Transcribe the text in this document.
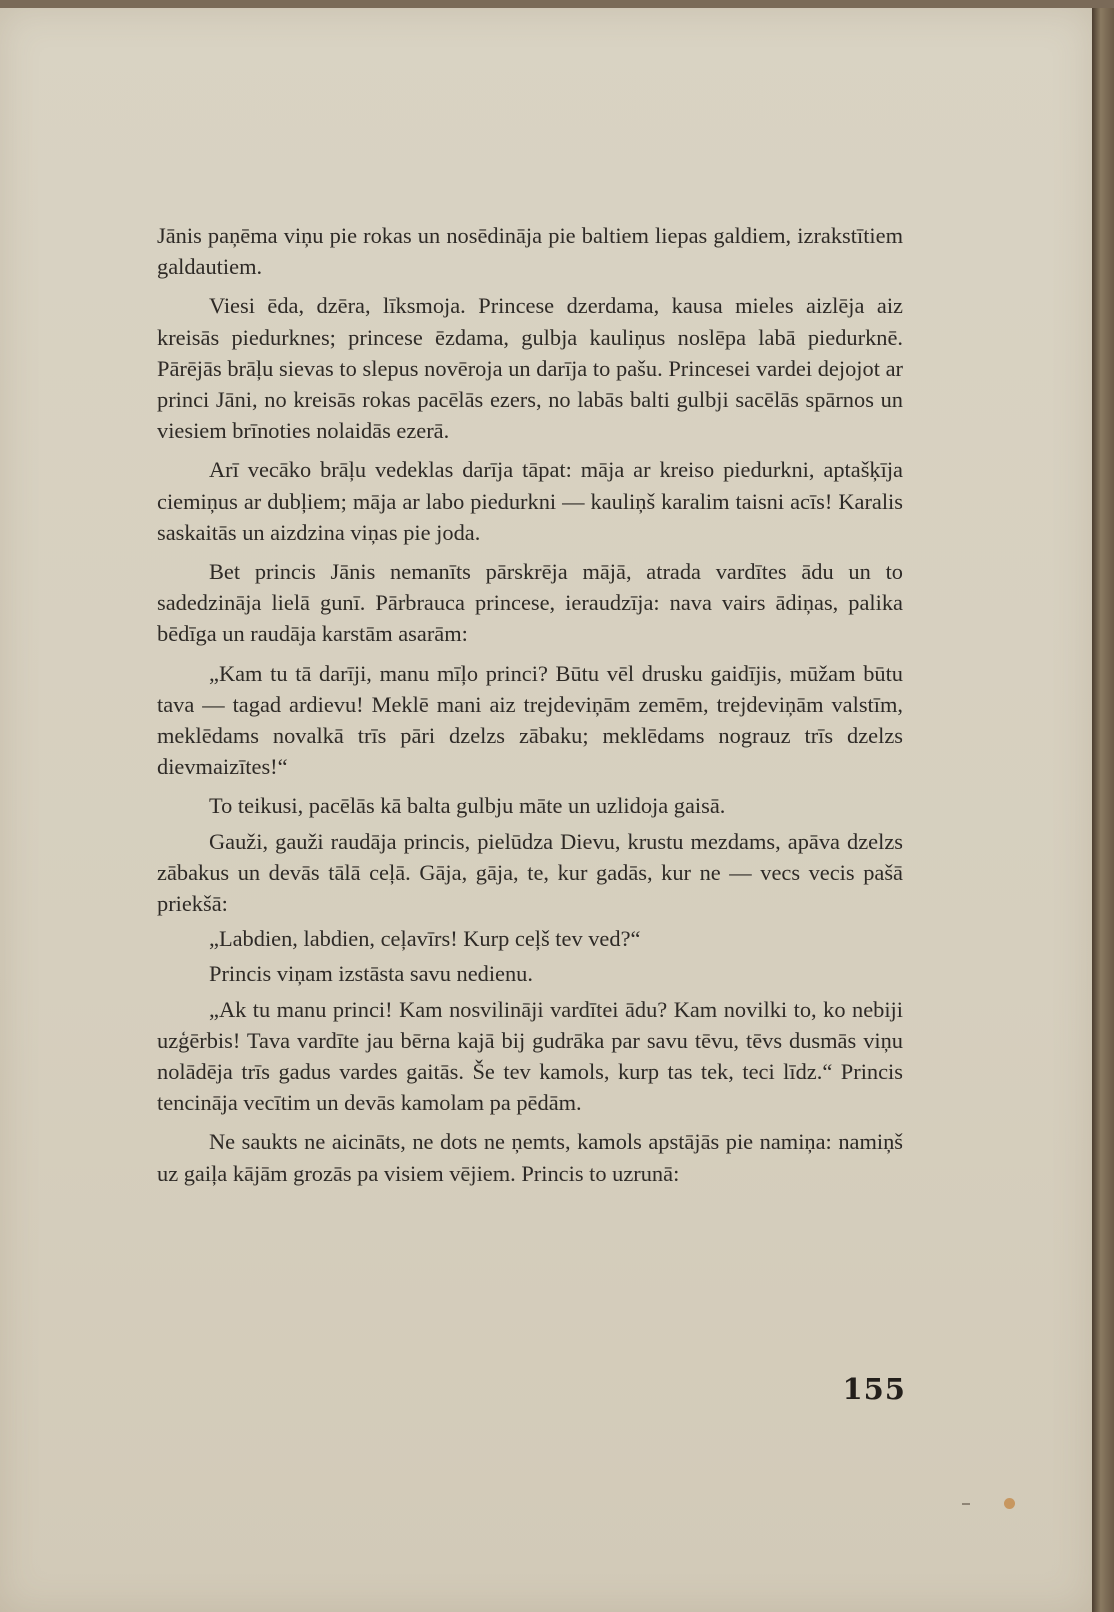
Jānis paņēma viņu pie rokas un nosēdināja pie baltiem liepas galdiem, izrakstītiem galdautiem.

Viesi ēda, dzēra, līksmoja. Princese dzerdama, kausa mieles aizlēja aiz kreisās piedurknes; princese ēzdama, gulbja kauliņus noslēpa labā piedurknē. Pārējās brāļu sievas to slepus novēroja un darīja to pašu. Princesei vardei dejojot ar princi Jāni, no kreisās rokas pacēlās ezers, no labās balti gulbji sacēlās spārnos un viesiem brīnoties nolaidās ezerā.

Arī vecāko brāļu vedeklas darīja tāpat: māja ar kreiso piedurkni, aptašķīja ciemiņus ar dubļiem; māja ar labo piedurkni — kauliņš karalim taisni acīs! Karalis saskaitās un aizdzina viņas pie joda.

Bet princis Jānis nemanīts pārskrēja mājā, atrada vardītes ādu un to sadedzināja lielā gunī. Pārbrauca princese, ieraudzīja: nava vairs ādiņas, palika bēdīga un raudāja karstām asarām:

„Kam tu tā darīji, manu mīļo princi? Būtu vēl drusku gaidījis, mūžam būtu tava — tagad ardievu! Meklē mani aiz trejdeviņām zemēm, trejdeviņām valstīm, meklēdams novalkā trīs pāri dzelzs zābaku; meklēdams nograuz trīs dzelzs dievmaizītes!“

To teikusi, pacēlās kā balta gulbju māte un uzlidoja gaisā.

Gauži, gauži raudāja princis, pielūdza Dievu, krustu mezdams, apāva dzelzs zābakus un devās tālā ceļā. Gāja, gāja, te, kur gadās, kur ne — vecs vecis pašā priekšā:

„Labdien, labdien, ceļavīrs! Kurp ceļš tev ved?“

Princis viņam izstāsta savu nedienu.

„Ak tu manu princi! Kam nosvilināji vardītei ādu? Kam novilki to, ko nebiji uzģērbis! Tava vardīte jau bērna kajā bij gudrāka par savu tēvu, tēvs dusmās viņu nolādēja trīs gadus vardes gaitās. Še tev kamols, kurp tas tek, teci līdz.“ Princis tencināja vecītim un devās kamolam pa pēdām.

Ne saukts ne aicināts, ne dots ne ņemts, kamols apstājās pie namiņa: namiņš uz gaiļa kājām grozās pa visiem vējiem. Princis to uzrunā:

155
